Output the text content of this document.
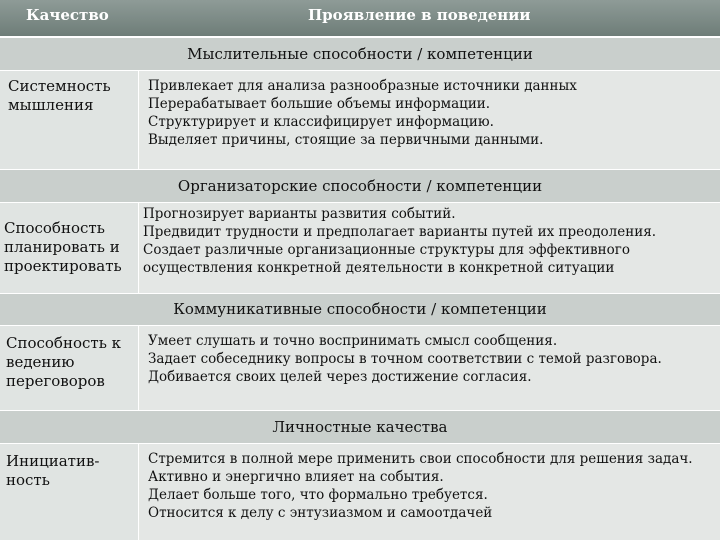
Качество	Проявление в поведении
Мыслительные способности / компетенции
Системность
мышления
Привлекает для анализа разнообразные источники данных
Перерабатывает большие объемы информации.
Структурирует и классифицирует информацию.
Выделяет причины, стоящие за первичными данными.
Организаторские способности / компетенции
Способность
планировать и
проектировать
Прогнозирует варианты развития событий.
Предвидит трудности и предполагает варианты путей их преодоления.
Создает различные организационные структуры для эффективного
осуществления конкретной деятельности в конкретной ситуации
Коммуникативные способности / компетенции
Способность к
ведению
переговоров
Умеет слушать и точно воспринимать смысл сообщения.
Задает собеседнику вопросы в точном соответствии с темой разговора.
Добивается своих целей через достижение согласия.
Личностные качества
Инициатив-
ность
Стремится в полной мере применить свои способности для решения задач.
Активно и энергично влияет на события.
Делает больше того, что формально требуется.
Относится к делу с энтузиазмом и самоотдачей
